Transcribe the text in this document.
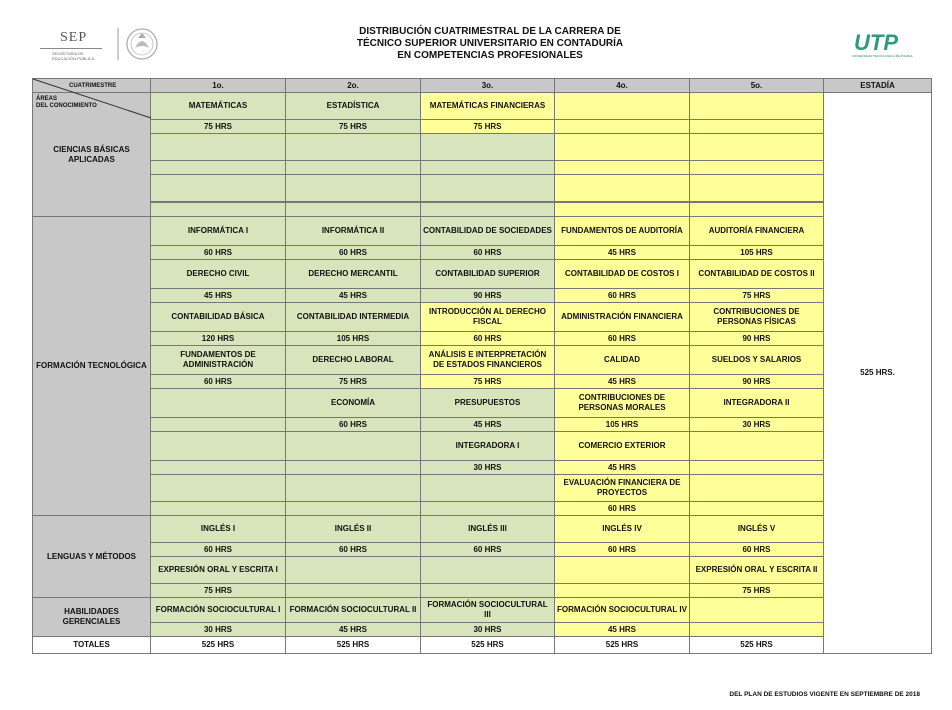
SEP
SECRETARÍA DE EDUCACIÓN PÚBLICA
DISTRIBUCIÓN CUATRIMESTRAL DE LA CARRERA DE
TÉCNICO SUPERIOR UNIVERSITARIO EN CONTADURÍA
EN COMPETENCIAS PROFESIONALES
UTP
UNIVERSIDAD TECNOLÓGICA DE PUEBLA
CUATRIMESTRE
ÁREAS
DEL CONOCIMIENTO	1o.	2o.	3o.	4o.	5o.	ESTADÍA	
CIENCIAS BÁSICAS APLICADAS	MATEMÁTICAS	ESTADÍSTICA	MATEMÁTICAS FINANCIERAS			525 HRS.	
	75 HRS	75 HRS	75 HRS				

FORMACIÓN TECNOLÓGICA	INFORMÁTICA I	INFORMÁTICA II	CONTABILIDAD DE SOCIEDADES	FUNDAMENTOS DE AUDITORÍA	AUDITORÍA FINANCIERA		
	60 HRS	60 HRS	60 HRS	45 HRS	105 HRS		
	DERECHO CIVIL	DERECHO MERCANTIL	CONTABILIDAD SUPERIOR	CONTABILIDAD DE COSTOS I	CONTABILIDAD DE COSTOS II		
	45 HRS	45 HRS	90 HRS	60 HRS	75 HRS		
	CONTABILIDAD BÁSICA	CONTABILIDAD INTERMEDIA	INTRODUCCIÓN AL DERECHO FISCAL	ADMINISTRACIÓN FINANCIERA	CONTRIBUCIONES DE PERSONAS FÍSICAS		
	120 HRS	105 HRS	60 HRS	60 HRS	90 HRS		
	FUNDAMENTOS DE ADMINISTRACIÓN	DERECHO LABORAL	ANÁLISIS E INTERPRETACIÓN DE ESTADOS FINANCIEROS	CALIDAD	SUELDOS Y SALARIOS		
	60 HRS	75 HRS	75 HRS	45 HRS	90 HRS		
		ECONOMÍA	PRESUPUESTOS	CONTRIBUCIONES DE PERSONAS MORALES	INTEGRADORA II		
		60 HRS	45 HRS	105 HRS	30 HRS		
			INTEGRADORA I	COMERCIO EXTERIOR			
			30 HRS	45 HRS			
				EVALUACIÓN FINANCIERA DE PROYECTOS			
				60 HRS			
LENGUAS Y MÉTODOS	INGLÉS I	INGLÉS II	INGLÉS III	INGLÉS IV	INGLÉS V		
	60 HRS	60 HRS	60 HRS	60 HRS	60 HRS		
	EXPRESIÓN ORAL Y ESCRITA I				EXPRESIÓN ORAL Y ESCRITA II		
	75 HRS				75 HRS		
HABILIDADES GERENCIALES	FORMACIÓN SOCIOCULTURAL I	FORMACIÓN SOCIOCULTURAL II	FORMACIÓN SOCIOCULTURAL III	FORMACIÓN SOCIOCULTURAL IV			
	30 HRS	45 HRS	30 HRS	45 HRS			
TOTALES	525 HRS	525 HRS	525 HRS	525 HRS	525 HRS		
DEL PLAN DE ESTUDIOS VIGENTE EN SEPTIEMBRE DE 2018
